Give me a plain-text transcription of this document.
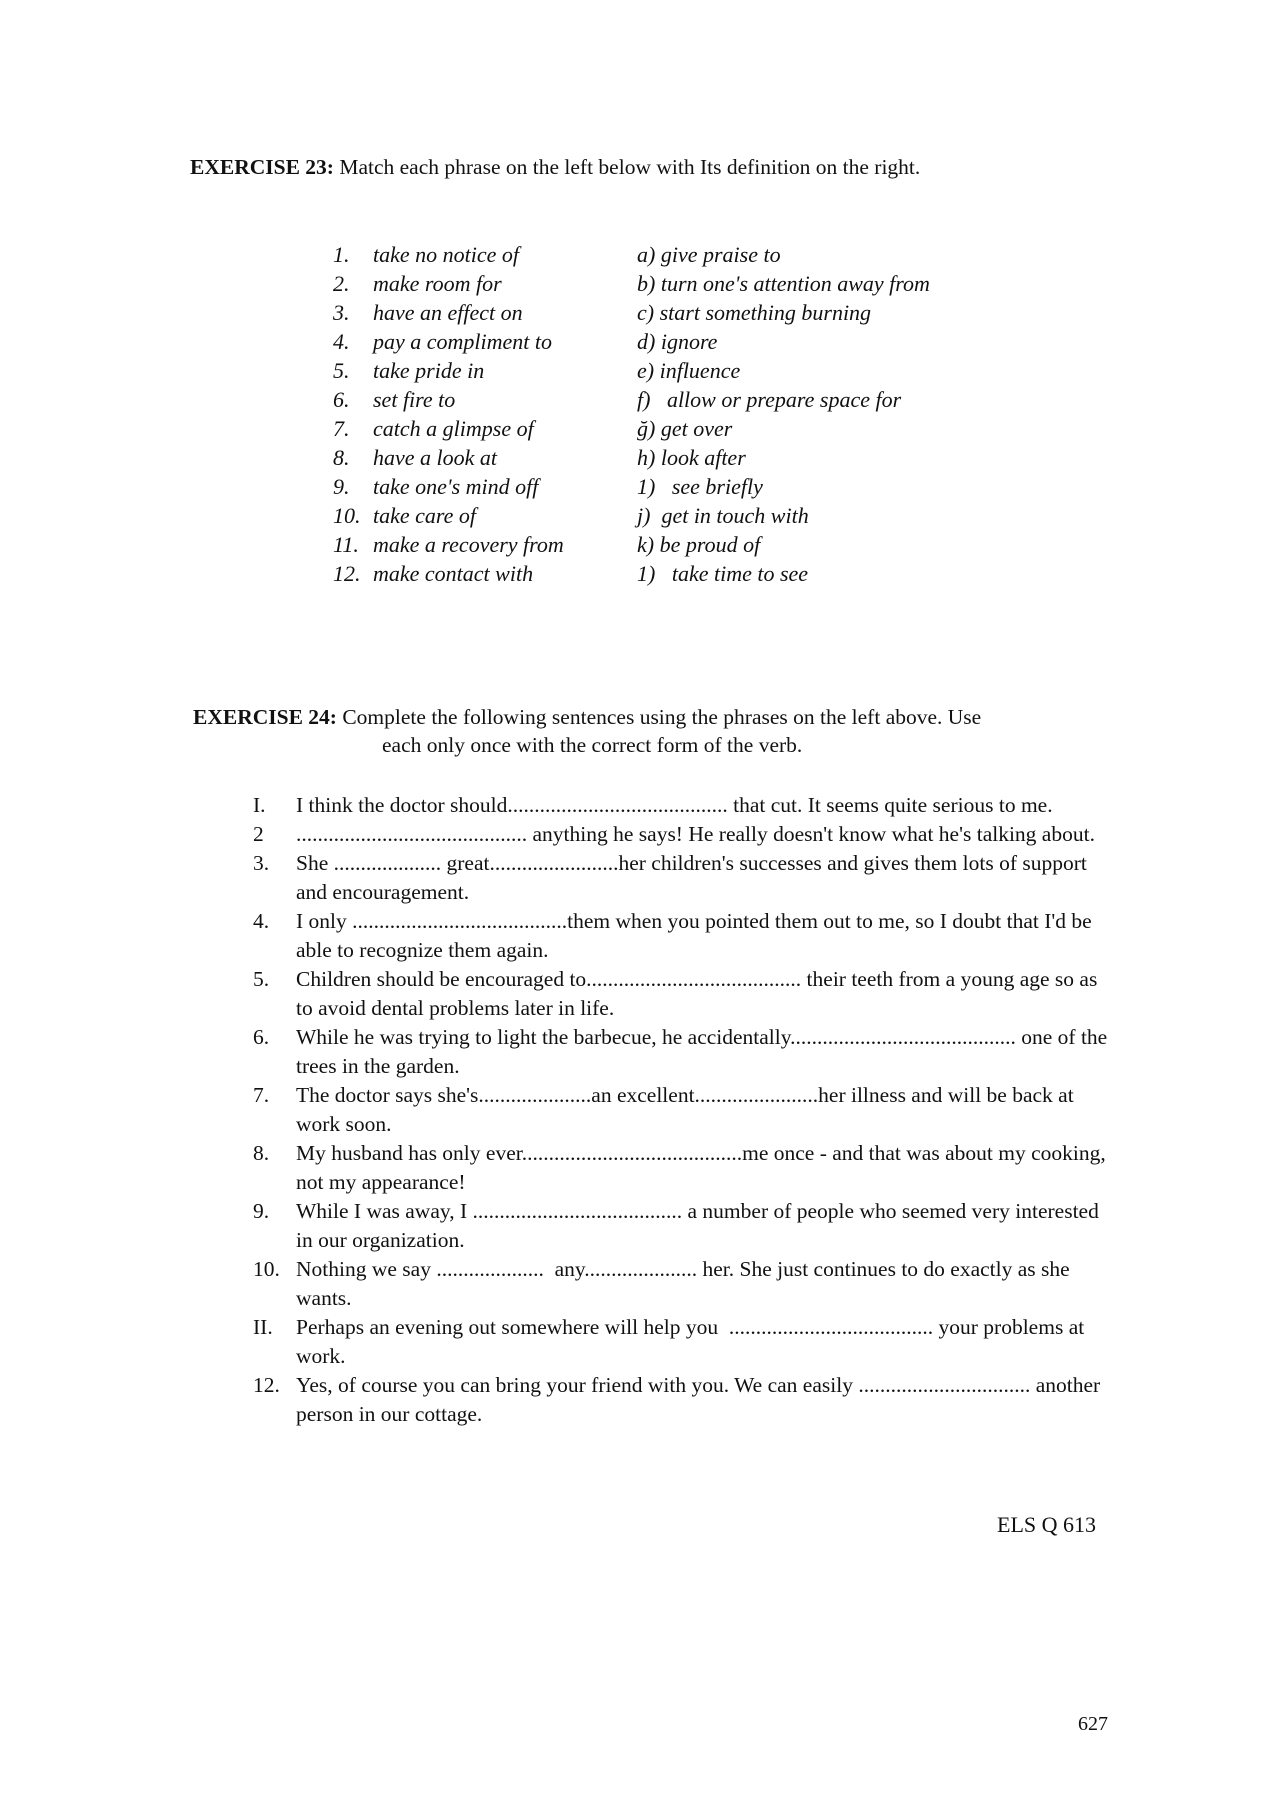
EXERCISE 23: Match each phrase on the left below with Its definition on the right.
1. take no notice of
2. make room for
3. have an effect on
4. pay a compliment to
5. take pride in
6. set fire to
7. catch a glimpse of
8. have a look at
9. take one's mind off
10. take care of
11. make a recovery from
12. make contact with
a) give praise to
b) turn one's attention away from
c) start something burning
d) ignore
e) influence
f)   allow or prepare space for
ğ) get over
h) look after
1)   see briefly
j)  get in touch with
k) be proud of
1)   take time to see
EXERCISE 24: Complete the following sentences using the phrases on the left above. Use
each only once with the correct form of the verb.
I. I think the doctor should......................................... that cut. It seems quite serious to me.
2 ........................................... anything he says! He really doesn't know what he's talking about.
3. She .................... great........................her children's successes and gives them lots of support and encouragement.
4. I only ........................................them when you pointed them out to me, so I doubt that I'd be able to recognize them again.
5. Children should be encouraged to........................................ their teeth from a young age so as to avoid dental problems later in life.
6. While he was trying to light the barbecue, he accidentally.......................................... one of the trees in the garden.
7. The doctor says she's.....................an excellent.......................her illness and will be back at work soon.
8. My husband has only ever.........................................me once - and that was about my cooking, not my appearance!
9. While I was away, I ....................................... a number of people who seemed very interested in our organization.
10. Nothing we say ....................  any..................... her. She just continues to do exactly as she wants.
II. Perhaps an evening out somewhere will help you  ...................................... your problems at work.
12. Yes, of course you can bring your friend with you. We can easily ................................ another person in our cottage.
ELS Q 613
627
